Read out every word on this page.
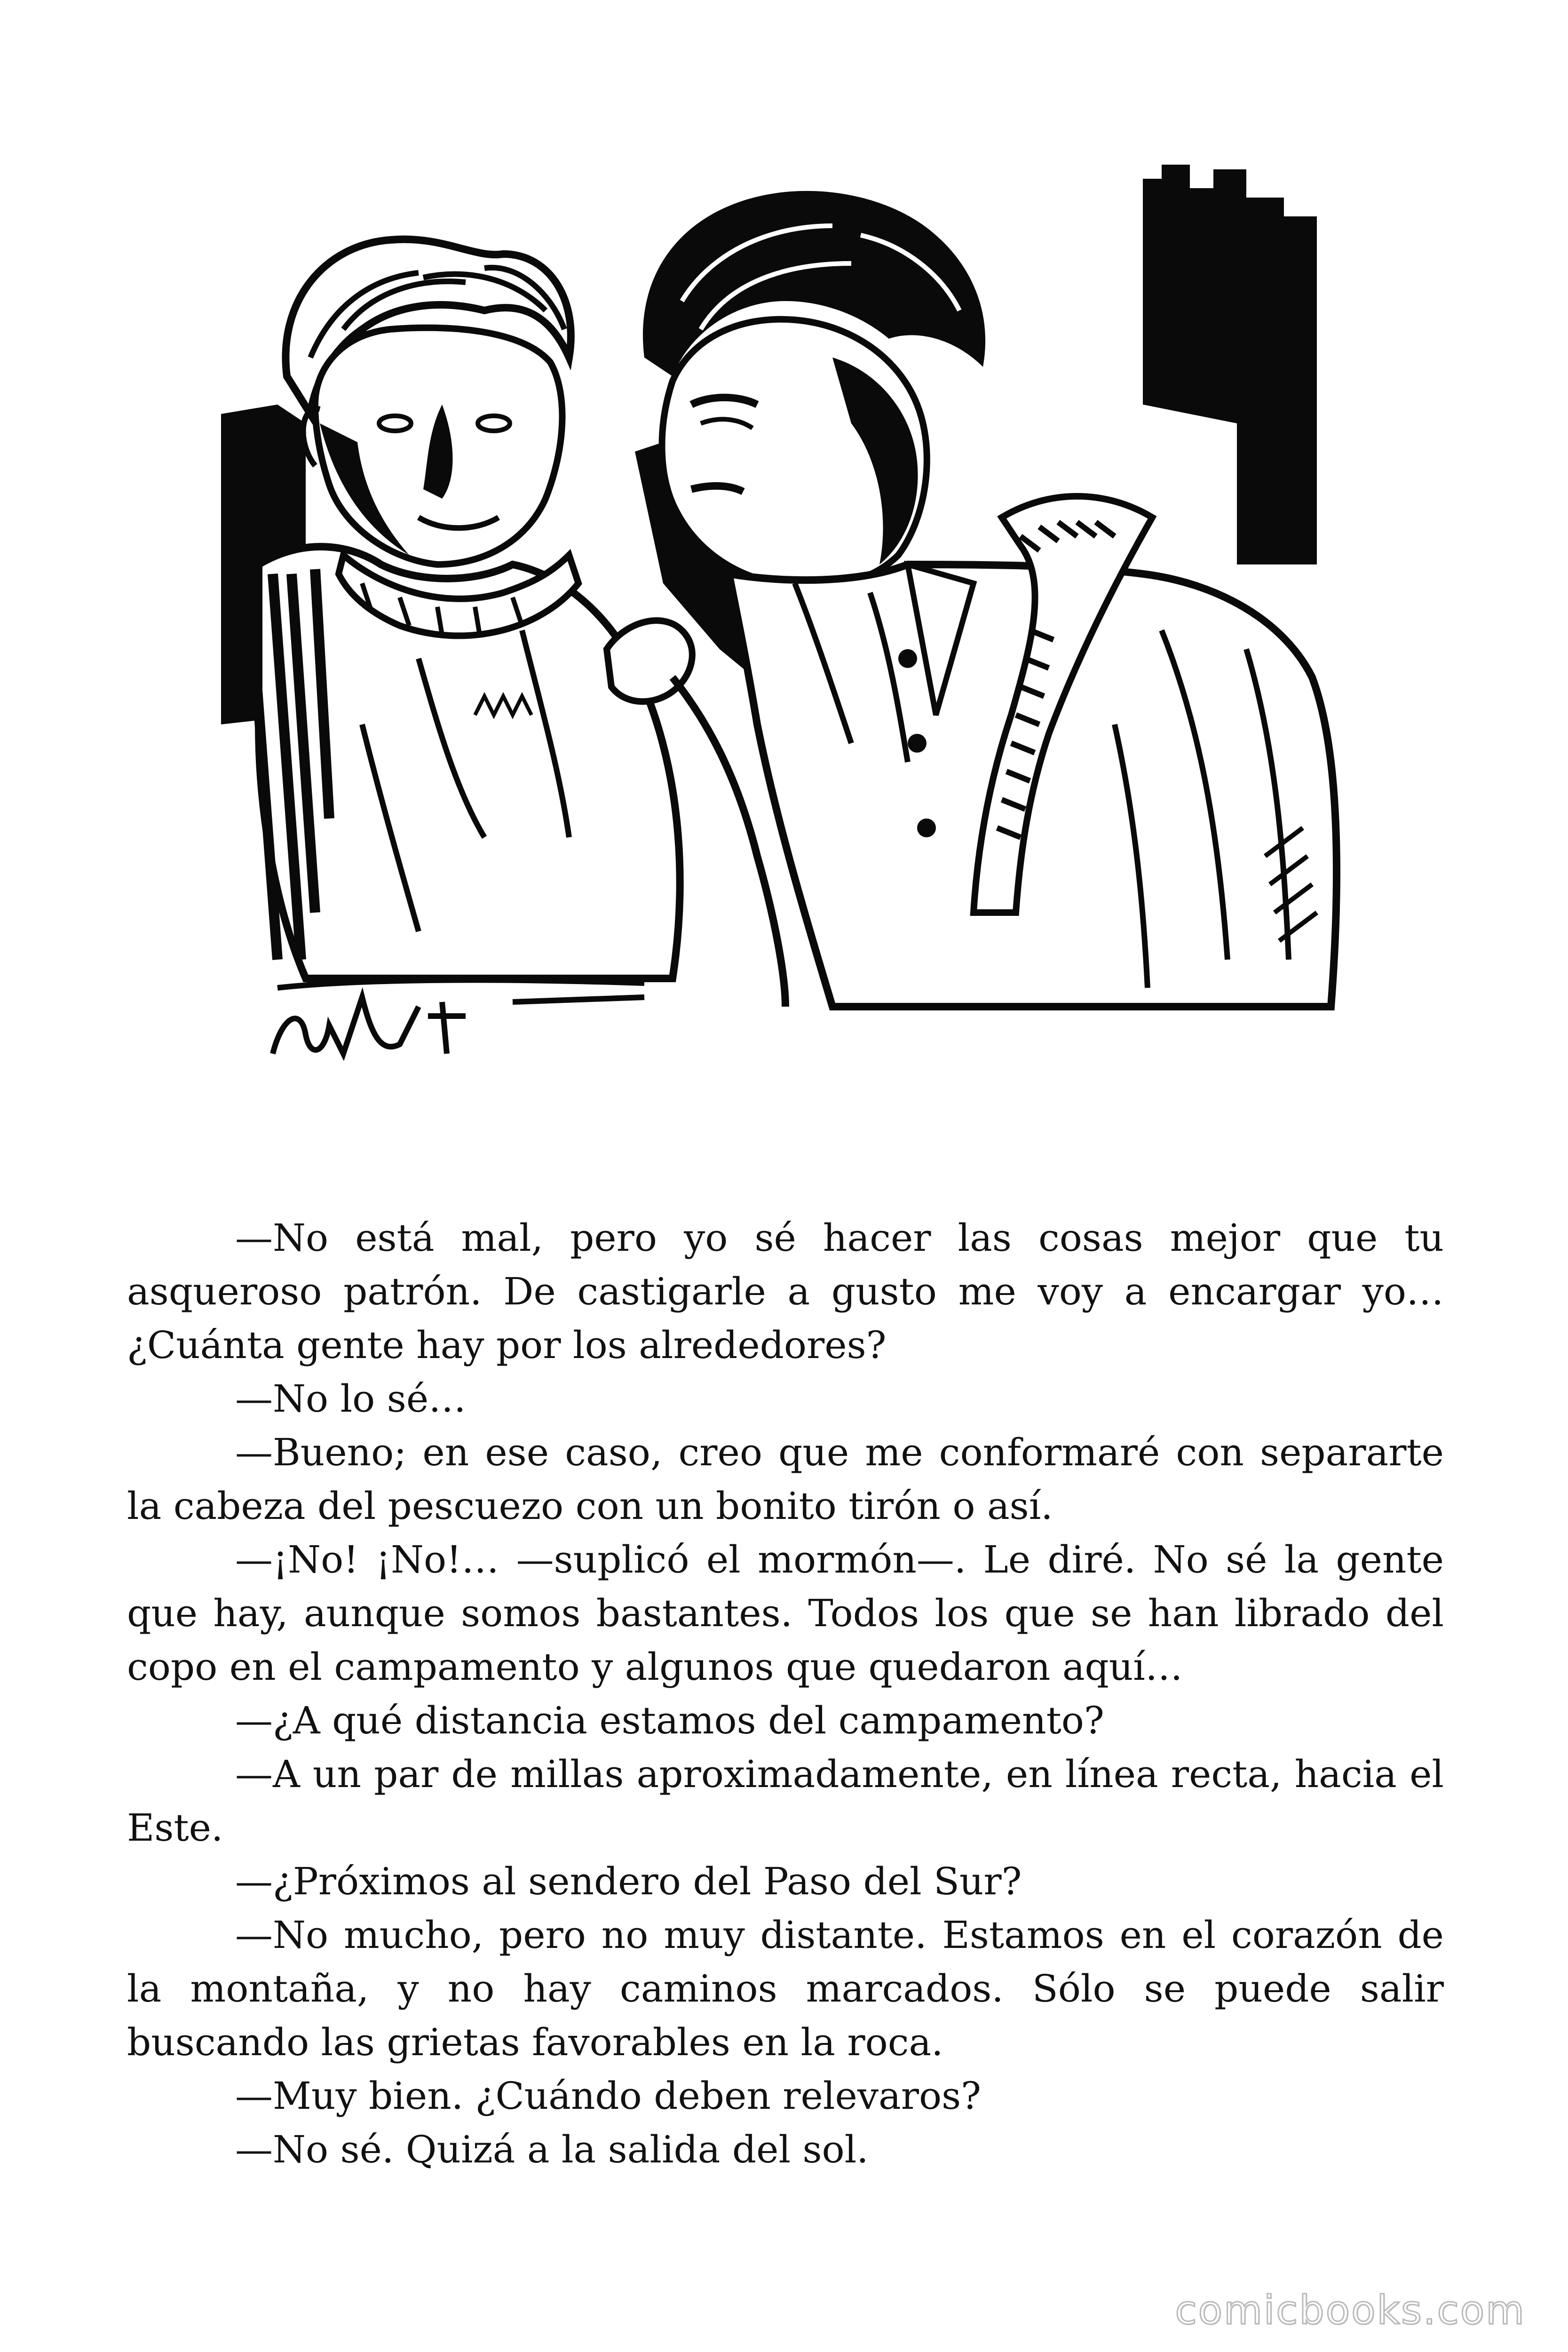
—No está mal, pero yo sé hacer las cosas mejor que tu asqueroso patrón. De castigarle a gusto me voy a encargar yo… ¿Cuánta gente hay por los alrededores?

—No lo sé…

—Bueno; en ese caso, creo que me conformaré con separarte la cabeza del pescuezo con un bonito tirón o así.

—¡No! ¡No!… —suplicó el mormón—. Le diré. No sé la gente que hay, aunque somos bastantes. Todos los que se han librado del copo en el campamento y algunos que quedaron aquí…

—¿A qué distancia estamos del campamento?

—A un par de millas aproximadamente, en línea recta, hacia el Este.

—¿Próximos al sendero del Paso del Sur?

—No mucho, pero no muy distante. Estamos en el corazón de la montaña, y no hay caminos marcados. Sólo se puede salir buscando las grietas favorables en la roca.

—Muy bien. ¿Cuándo deben relevaros?

—No sé. Quizá a la salida del sol.

comicbooks.com
